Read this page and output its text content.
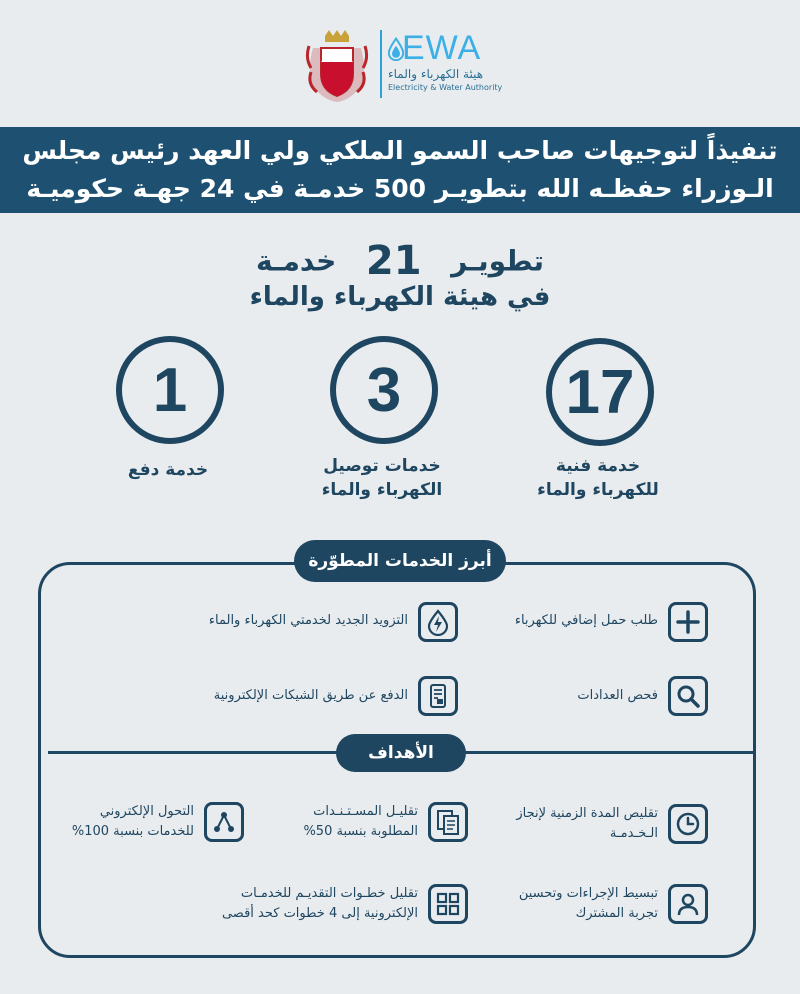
EWA
هيئة الكهرباء والماء
Electricity & Water Authority
تنفيذاً لتوجيهات صاحب السمو الملكي ولي العهد رئيس مجلس
الـوزراء حفظـه الله بتطويـر 500 خدمـة في 24 جهـة حكوميـة
تطويـر 21 خدمـة
في هيئة الكهرباء والماء
17
خدمة فنية
للكهرباء والماء
3
خدمات توصيل
الكهرباء والماء
1
خدمة دفع
أبرز الخدمات المطوّرة
طلب حمل إضافي للكهرباء
التزويد الجديد لخدمتي الكهرباء والماء
فحص العدادات
الدفع عن طريق الشيكات الإلكترونية
الأهداف
تقليص المدة الزمنية لإنجاز
الـخـدمـة
تقليـل المسـتـنـدات
المطلوبة بنسبة 50%
التحول الإلكتروني
للخدمات بنسبة 100%
تبسيط الإجراءات وتحسين
تجربة المشترك
تقليل خطـوات التقديـم للخدمـات
الإلكترونية إلى 4 خطوات كحد أقصى
